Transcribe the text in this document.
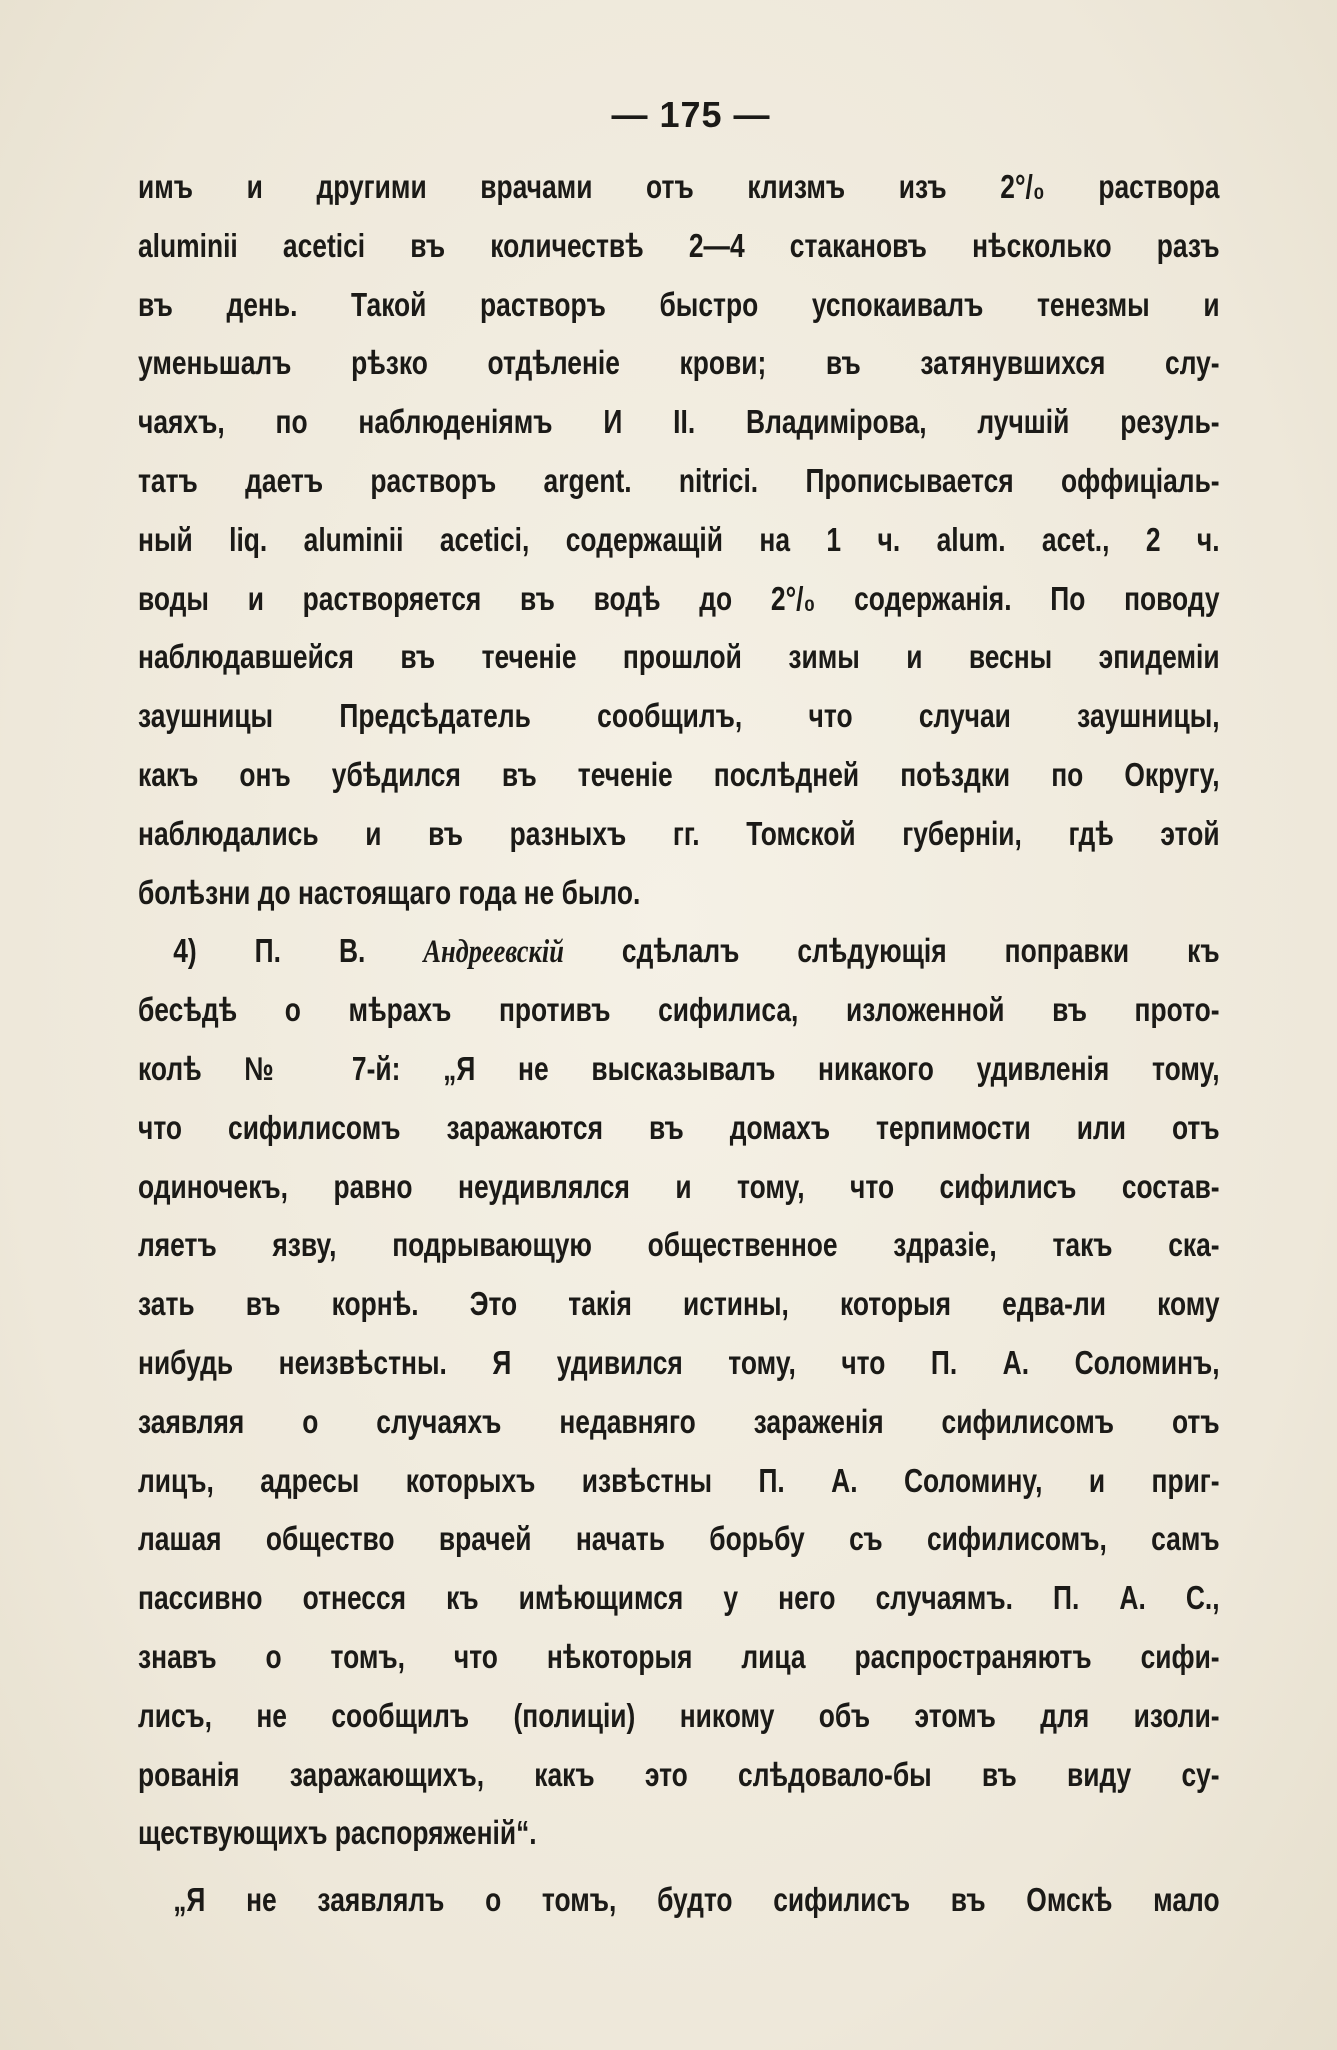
— 175 —
имъ и другими врачами отъ клизмъ изъ 2°/₀ раствора
aluminii acetici въ количествѣ 2—4 стакановъ нѣсколько разъ
въ день. Такой растворъ быстро успокаивалъ тенезмы и
уменьшалъ рѣзко отдѣленіе крови; въ затянувшихся слу-
чаяхъ, по наблюденіямъ И II. Владимірова, лучшій резуль-
татъ даетъ растворъ argent. nitrici. Прописывается оффиціаль-
ный liq. aluminii acetici, содержащій на 1 ч. alum. acet., 2 ч.
воды и растворяется въ водѣ до 2°/₀ содержанія. По поводу
наблюдавшейся въ теченіе прошлой зимы и весны эпидеміи
заушницы Предсѣдатель сообщилъ, что случаи заушницы,
какъ онъ убѣдился въ теченіе послѣдней поѣздки по Округу,
наблюдались и въ разныхъ гг. Томской губерніи, гдѣ этой
болѣзни до настоящаго года не было.
4) П. В. Андреевскій сдѣлалъ слѣдующія поправки къ
бесѣдѣ о мѣрахъ противъ сифилиса, изложенной въ прото-
колѣ № 7-й: „Я не высказывалъ никакого удивленія тому,
что сифилисомъ заражаются въ домахъ терпимости или отъ
одиночекъ, равно неудивлялся и тому, что сифилисъ состав-
ляетъ язву, подрывающую общественное здразіе, такъ ска-
зать въ корнѣ. Это такія истины, которыя едва-ли кому
нибудь неизвѣстны. Я удивился тому, что П. А. Соломинъ,
заявляя о случаяхъ недавняго зараженія сифилисомъ отъ
лицъ, адресы которыхъ извѣстны П. А. Соломину, и приг-
лашая общество врачей начать борьбу съ сифилисомъ, самъ
пассивно отнесся къ имѣющимся у него случаямъ. П. А. С.,
знавъ о томъ, что нѣкоторыя лица распространяютъ сифи-
лисъ, не сообщилъ (полиціи) никому объ этомъ для изоли-
рованія заражающихъ, какъ это слѣдовало-бы въ виду су-
ществующихъ распоряженій“.
„Я не заявлялъ о томъ, будто сифилисъ въ Омскѣ мало
